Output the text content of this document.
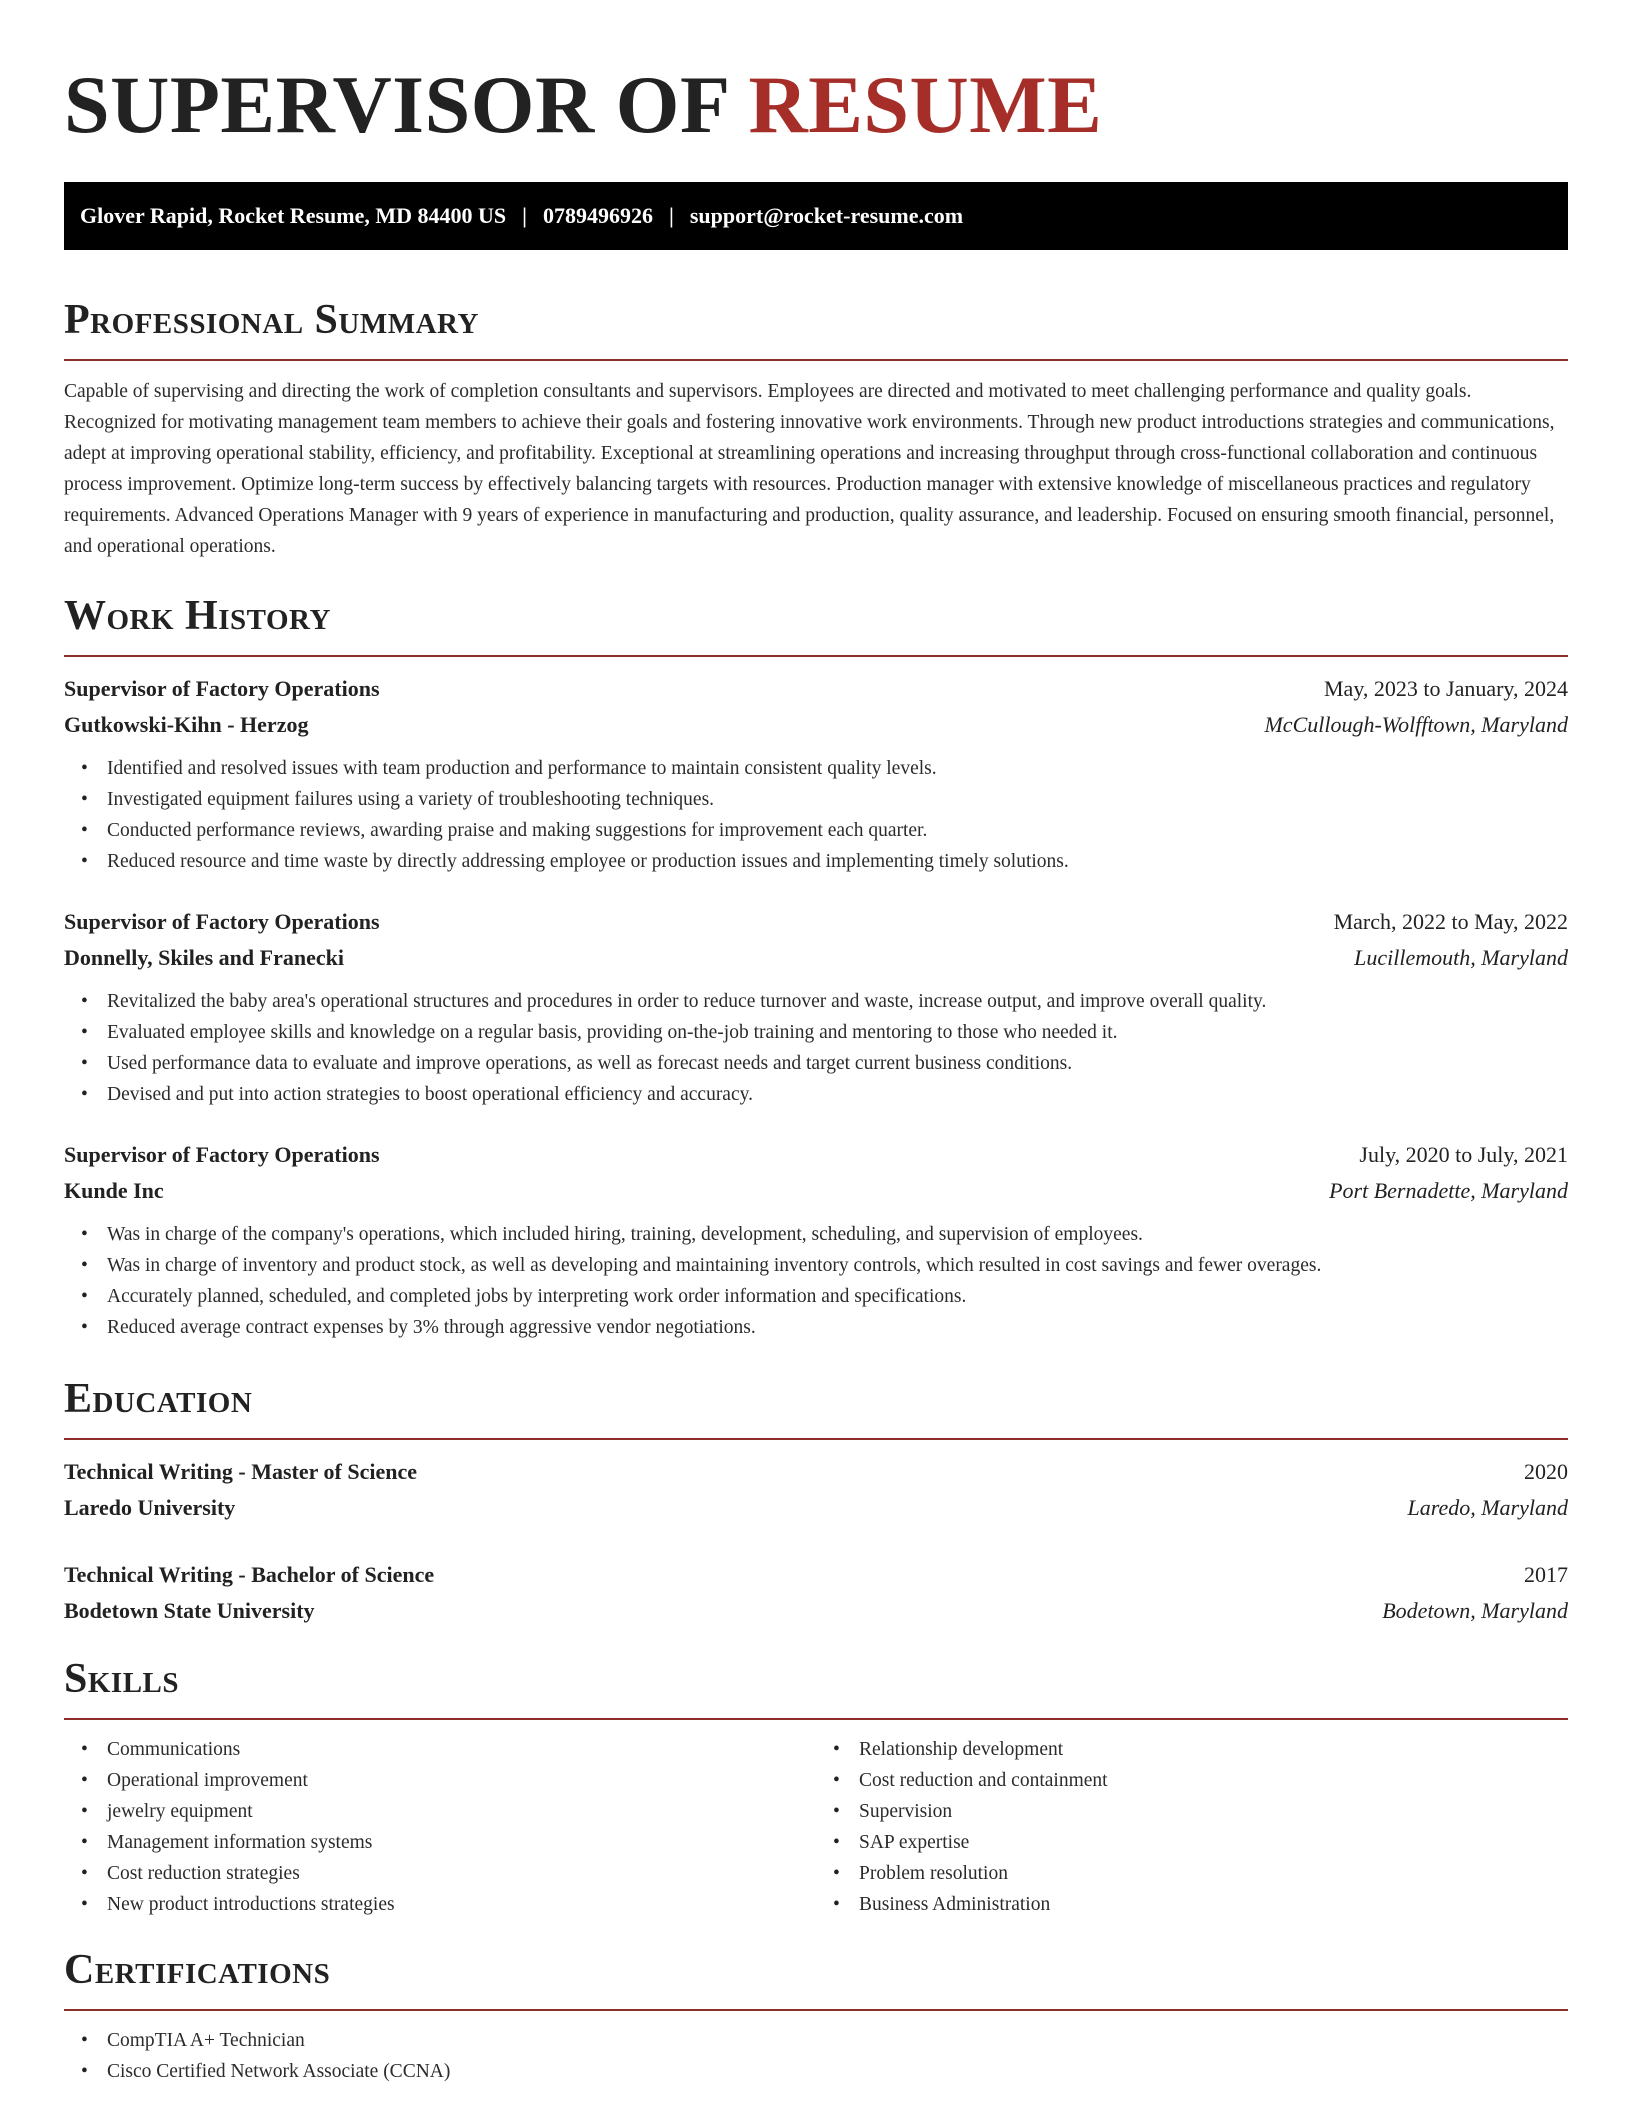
SUPERVISOR OF RESUME
Glover Rapid, Rocket Resume, MD 84400 US | 0789496926 | support@rocket-resume.com
Professional Summary

Capable of supervising and directing the work of completion consultants and supervisors. Employees are directed and motivated to meet challenging performance and quality goals. Recognized for motivating management team members to achieve their goals and fostering innovative work environments. Through new product introductions strategies and communications, adept at improving operational stability, efficiency, and profitability. Exceptional at streamlining operations and increasing throughput through cross-functional collaboration and continuous process improvement. Optimize long-term success by effectively balancing targets with resources. Production manager with extensive knowledge of miscellaneous practices and regulatory requirements. Advanced Operations Manager with 9 years of experience in manufacturing and production, quality assurance, and leadership. Focused on ensuring smooth financial, personnel, and operational operations.

Work History
Supervisor of Factory Operations	May, 2023 to January, 2024
Gutkowski-Kihn - Herzog	McCullough-Wolfftown, Maryland
• Identified and resolved issues with team production and performance to maintain consistent quality levels.
• Investigated equipment failures using a variety of troubleshooting techniques.
• Conducted performance reviews, awarding praise and making suggestions for improvement each quarter.
• Reduced resource and time waste by directly addressing employee or production issues and implementing timely solutions.
Supervisor of Factory Operations	March, 2022 to May, 2022
Donnelly, Skiles and Franecki	Lucillemouth, Maryland
• Revitalized the baby area's operational structures and procedures in order to reduce turnover and waste, increase output, and improve overall quality.
• Evaluated employee skills and knowledge on a regular basis, providing on-the-job training and mentoring to those who needed it.
• Used performance data to evaluate and improve operations, as well as forecast needs and target current business conditions.
• Devised and put into action strategies to boost operational efficiency and accuracy.
Supervisor of Factory Operations	July, 2020 to July, 2021
Kunde Inc	Port Bernadette, Maryland
• Was in charge of the company's operations, which included hiring, training, development, scheduling, and supervision of employees.
• Was in charge of inventory and product stock, as well as developing and maintaining inventory controls, which resulted in cost savings and fewer overages.
• Accurately planned, scheduled, and completed jobs by interpreting work order information and specifications.
• Reduced average contract expenses by 3% through aggressive vendor negotiations.
Education
Technical Writing - Master of Science	2020
Laredo University	Laredo, Maryland
Technical Writing - Bachelor of Science	2017
Bodetown State University	Bodetown, Maryland
Skills
• Communications
• Operational improvement
• jewelry equipment
• Management information systems
• Cost reduction strategies
• New product introductions strategies
• Relationship development
• Cost reduction and containment
• Supervision
• SAP expertise
• Problem resolution
• Business Administration
Certifications
• CompTIA A+ Technician
• Cisco Certified Network Associate (CCNA)
